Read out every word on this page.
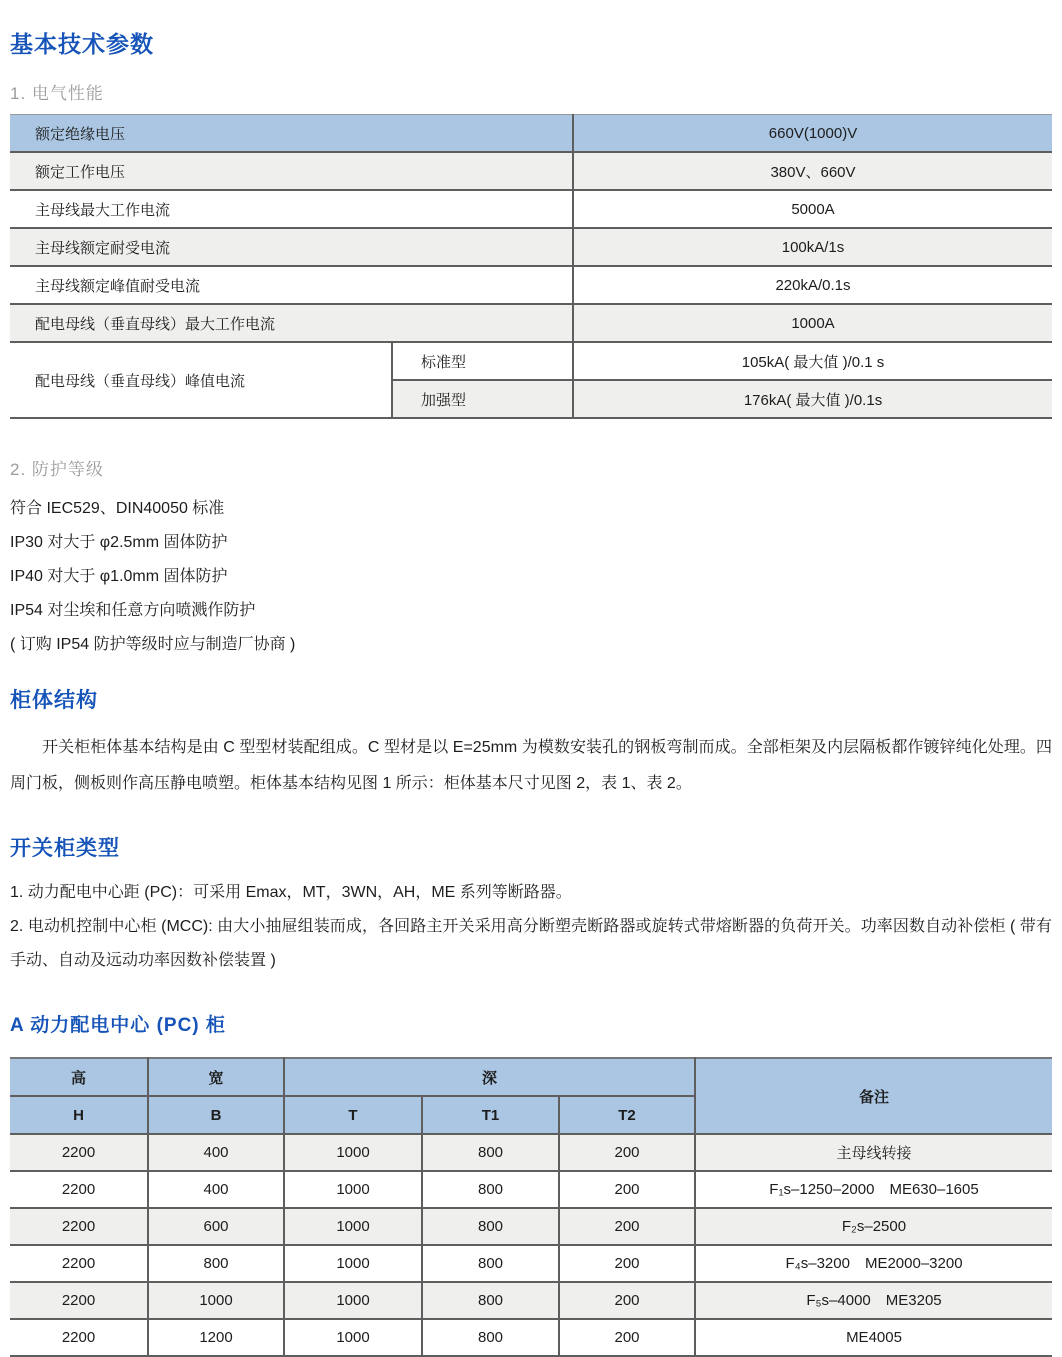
基本技术参数
1. 电气性能
额定绝缘电压		660V(1000)V
额定工作电压		380V、660V
主母线最大工作电流		5000A
主母线额定耐受电流		100kA/1s
主母线额定峰值耐受电流		220kA/0.1s
配电母线（垂直母线）最大工作电流		1000A
配电母线（垂直母线）峰值电流	标准型	105kA( 最大值 )/0.1 s
	加强型	176kA( 最大值 )/0.1s
2. 防护等级

符合 IEC529、DIN40050 标准

IP30 对大于 φ2.5mm 固体防护

IP40 对大于 φ1.0mm 固体防护

IP54 对尘埃和任意方向喷溅作防护

( 订购 IP54 防护等级时应与制造厂协商 )

柜体结构

开关柜柜体基本结构是由 C 型型材装配组成。C 型材是以 E=25mm 为模数安装孔的钢板弯制而成。全部柜架及内层隔板都作镀锌纯化处理。四周门板，侧板则作高压静电喷塑。柜体基本结构见图 1 所示：柜体基本尺寸见图 2，表 1、表 2。

开关柜类型

1. 动力配电中心距 (PC)：可采用 Emax，MT，3WN，AH，ME 系列等断路器。

2. 电动机控制中心柜 (MCC): 由大小抽屉组装而成，各回路主开关采用高分断塑壳断路器或旋转式带熔断器的负荷开关。功率因数自动补偿柜 ( 带有手动、自动及远动功率因数补偿装置 )

A 动力配电中心 (PC) 柜
高	宽	深			备注
H	B	T	T1	T2	
2200	400	1000	800	200	主母线转接
2200	400	1000	800	200	F₁s–1250–2000 ME630–1605
2200	600	1000	800	200	F₂s–2500
2200	800	1000	800	200	F₄s–3200 ME2000–3200
2200	1000	1000	800	200	F₅s–4000 ME3205
2200	1200	1000	800	200	ME4005
